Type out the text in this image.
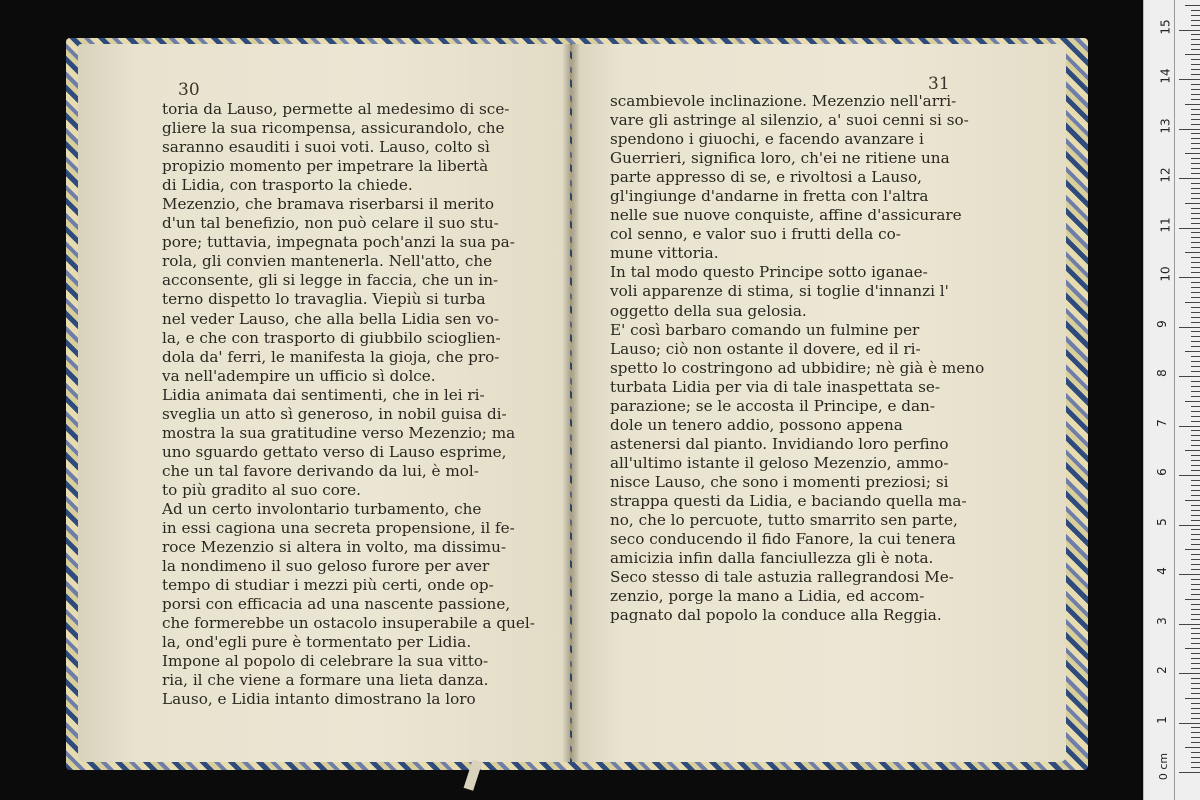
30
toria da Lauso, permette al medesimo di sce-
gliere la sua ricompensa, assicurandolo, che
saranno esauditi i suoi voti. Lauso, colto sì
propizio momento per impetrare la libertà
di Lidia, con trasporto la chiede.
Mezenzio, che bramava riserbarsi il merito
d'un tal benefizio, non può celare il suo stu-
pore; tuttavia, impegnata poch'anzi la sua pa-
rola, gli convien mantenerla. Nell'atto, che
acconsente, gli si legge in faccia, che un in-
terno dispetto lo travaglia. Viepiù si turba
nel veder Lauso, che alla bella Lidia sen vo-
la, e che con trasporto di giubbilo scioglien-
dola da' ferri, le manifesta la gioja, che pro-
va nell'adempire un ufficio sì dolce.
Lidia animata dai sentimenti, che in lei ri-
sveglia un atto sì generoso, in nobil guisa di-
mostra la sua gratitudine verso Mezenzio; ma
uno sguardo gettato verso di Lauso esprime,
che un tal favore derivando da lui, è mol-
to più gradito al suo core.
Ad un certo involontario turbamento, che
in essi cagiona una secreta propensione, il fe-
roce Mezenzio si altera in volto, ma dissimu-
la nondimeno il suo geloso furore per aver
tempo di studiar i mezzi più certi, onde op-
porsi con efficacia ad una nascente passione,
che formerebbe un ostacolo insuperabile a quel-
la, ond'egli pure è tormentato per Lidia.
Impone al popolo di celebrare la sua vitto-
ria, il che viene a formare una lieta danza.
Lauso, e Lidia intanto dimostrano la loro
31
scambievole inclinazione. Mezenzio nell'arri-
vare gli astringe al silenzio, a' suoi cenni si so-
spendono i giuochi, e facendo avanzare i
Guerrieri, significa loro, ch'ei ne ritiene una
parte appresso di se, e rivoltosi a Lauso,
gl'ingiunge d'andarne in fretta con l'altra
nelle sue nuove conquiste, affine d'assicurare
col senno, e valor suo i frutti della co-
mune vittoria.
In tal modo questo Principe sotto iganae-
voli apparenze di stima, si toglie d'innanzi l'
oggetto della sua gelosia.
E' così barbaro comando un fulmine per
Lauso; ciò non ostante il dovere, ed il ri-
spetto lo costringono ad ubbidire; nè già è meno
turbata Lidia per via di tale inaspettata se-
parazione; se le accosta il Principe, e dan-
dole un tenero addio, possono appena
astenersi dal pianto. Invidiando loro perfino
all'ultimo istante il geloso Mezenzio, ammo-
nisce Lauso, che sono i momenti preziosi; si
strappa questi da Lidia, e baciando quella ma-
no, che lo percuote, tutto smarrito sen parte,
seco conducendo il fido Fanore, la cui tenera
amicizia infin dalla fanciullezza gli è nota.
Seco stesso di tale astuzia rallegrandosi Me-
zenzio, porge la mano a Lidia, ed accom-
pagnato dal popolo la conduce alla Reggia.
0 cm
1
2
3
4
5
6
7
8
9
10
11
12
13
14
15
